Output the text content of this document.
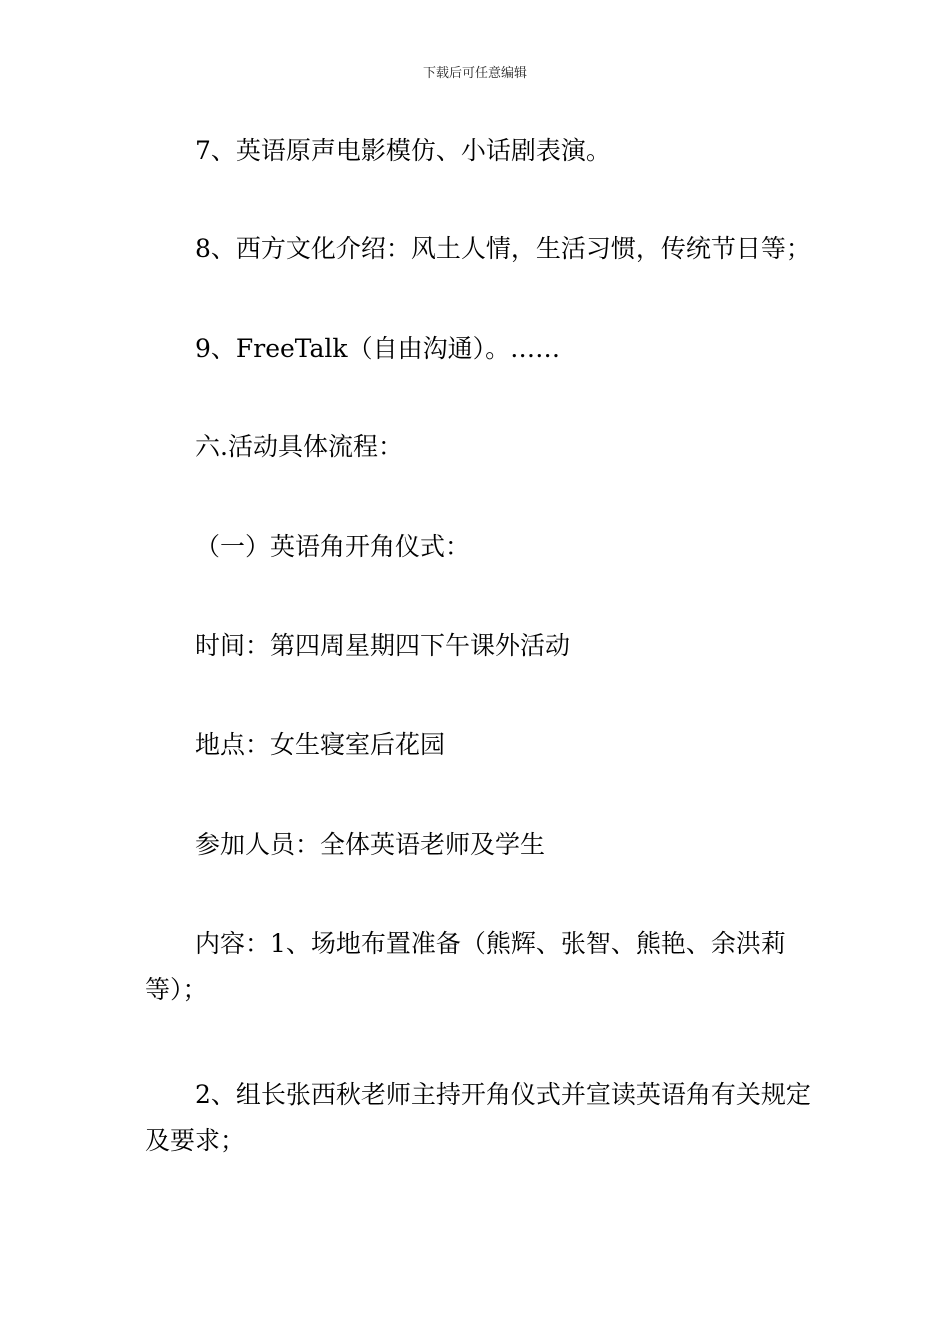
下载后可任意编辑

7、英语原声电影模仿、小话剧表演。

8、西方文化介绍：风土人情，生活习惯，传统节日等；

9、FreeTalk（自由沟通）。……

六.活动具体流程：

（一）英语角开角仪式：

时间：第四周星期四下午课外活动

地点：女生寝室后花园

参加人员：全体英语老师及学生

内容：1、场地布置准备（熊辉、张智、熊艳、余洪莉等）；

2、组长张西秋老师主持开角仪式并宣读英语角有关规定及要求；
